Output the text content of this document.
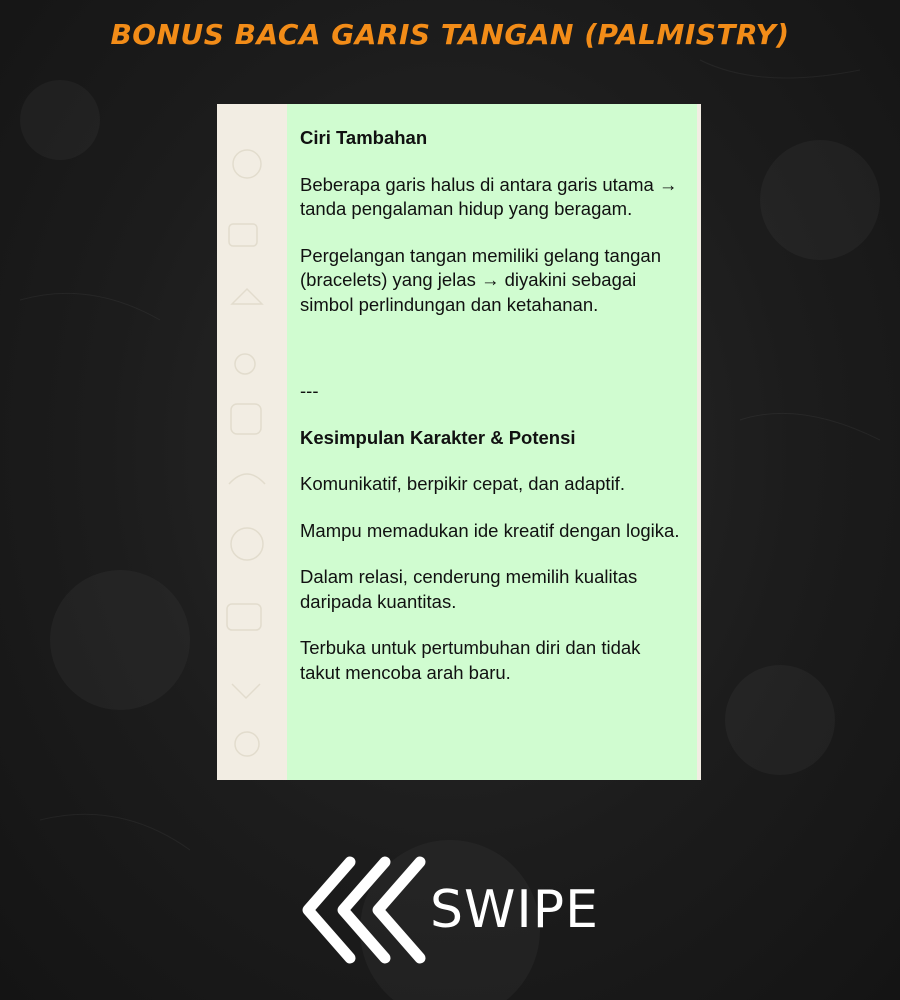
BONUS BACA GARIS TANGAN (PALMISTRY)
Ciri Tambahan
Beberapa garis halus di antara garis utama → tanda pengalaman hidup yang beragam.
Pergelangan tangan memiliki gelang tangan (bracelets) yang jelas → diyakini sebagai simbol perlindungan dan ketahanan.
---
Kesimpulan Karakter & Potensi
Komunikatif, berpikir cepat, dan adaptif.
Mampu memadukan ide kreatif dengan logika.
Dalam relasi, cenderung memilih kualitas daripada kuantitas.
Terbuka untuk pertumbuhan diri dan tidak takut mencoba arah baru.
SWIPE
